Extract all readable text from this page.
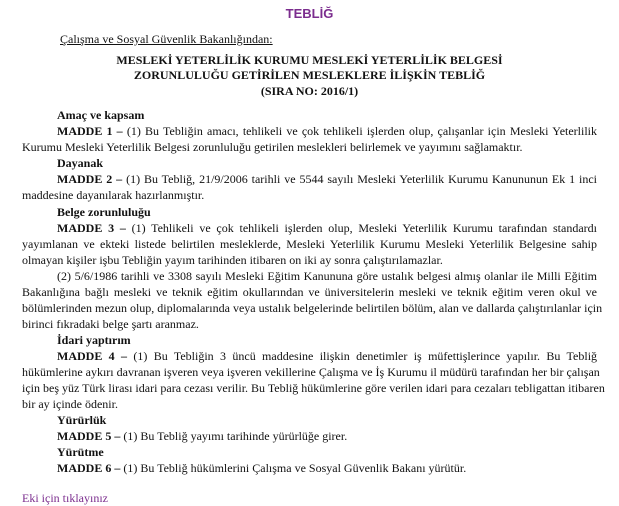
TEBLİĞ
Çalışma ve Sosyal Güvenlik Bakanlığından:
MESLEKİ YETERLİLİK KURUMU MESLEKİ YETERLİLİK BELGESİ
ZORUNLULUĞU GETİRİLEN MESLEKLERE İLİŞKİN TEBLİĞ
(SIRA NO: 2016/1)
Amaç ve kapsam
MADDE 1 – (1) Bu Tebliğin amacı, tehlikeli ve çok tehlikeli işlerden olup, çalışanlar için Mesleki Yeterlilik
Kurumu Mesleki Yeterlilik Belgesi zorunluluğu getirilen meslekleri belirlemek ve yayımını sağlamaktır.
Dayanak
MADDE 2 – (1) Bu Tebliğ, 21/9/2006 tarihli ve 5544 sayılı Mesleki Yeterlilik Kurumu Kanununun Ek 1 inci
maddesine dayanılarak hazırlanmıştır.
Belge zorunluluğu
MADDE 3 – (1) Tehlikeli ve çok tehlikeli işlerden olup, Mesleki Yeterlilik Kurumu tarafından standardı
yayımlanan ve ekteki listede belirtilen mesleklerde, Mesleki Yeterlilik Kurumu Mesleki Yeterlilik Belgesine sahip
olmayan kişiler işbu Tebliğin yayım tarihinden itibaren on iki ay sonra çalıştırılamazlar.
(2) 5/6/1986 tarihli ve 3308 sayılı Mesleki Eğitim Kanununa göre ustalık belgesi almış olanlar ile Milli Eğitim
Bakanlığına bağlı mesleki ve teknik eğitim okullarından ve üniversitelerin mesleki ve teknik eğitim veren okul ve
bölümlerinden mezun olup, diplomalarında veya ustalık belgelerinde belirtilen bölüm, alan ve dallarda çalıştırılanlar için
birinci fıkradaki belge şartı aranmaz.
İdari yaptırım
MADDE 4 – (1) Bu Tebliğin 3 üncü maddesine ilişkin denetimler iş müfettişlerince yapılır. Bu Tebliğ
hükümlerine aykırı davranan işveren veya işveren vekillerine Çalışma ve İş Kurumu il müdürü tarafından her bir çalışan
için beş yüz Türk lirası idari para cezası verilir. Bu Tebliğ hükümlerine göre verilen idari para cezaları tebligattan itibaren
bir ay içinde ödenir.
Yürürlük
MADDE 5 – (1) Bu Tebliğ yayımı tarihinde yürürlüğe girer.
Yürütme
MADDE 6 – (1) Bu Tebliğ hükümlerini Çalışma ve Sosyal Güvenlik Bakanı yürütür.
Eki için tıklayınız
